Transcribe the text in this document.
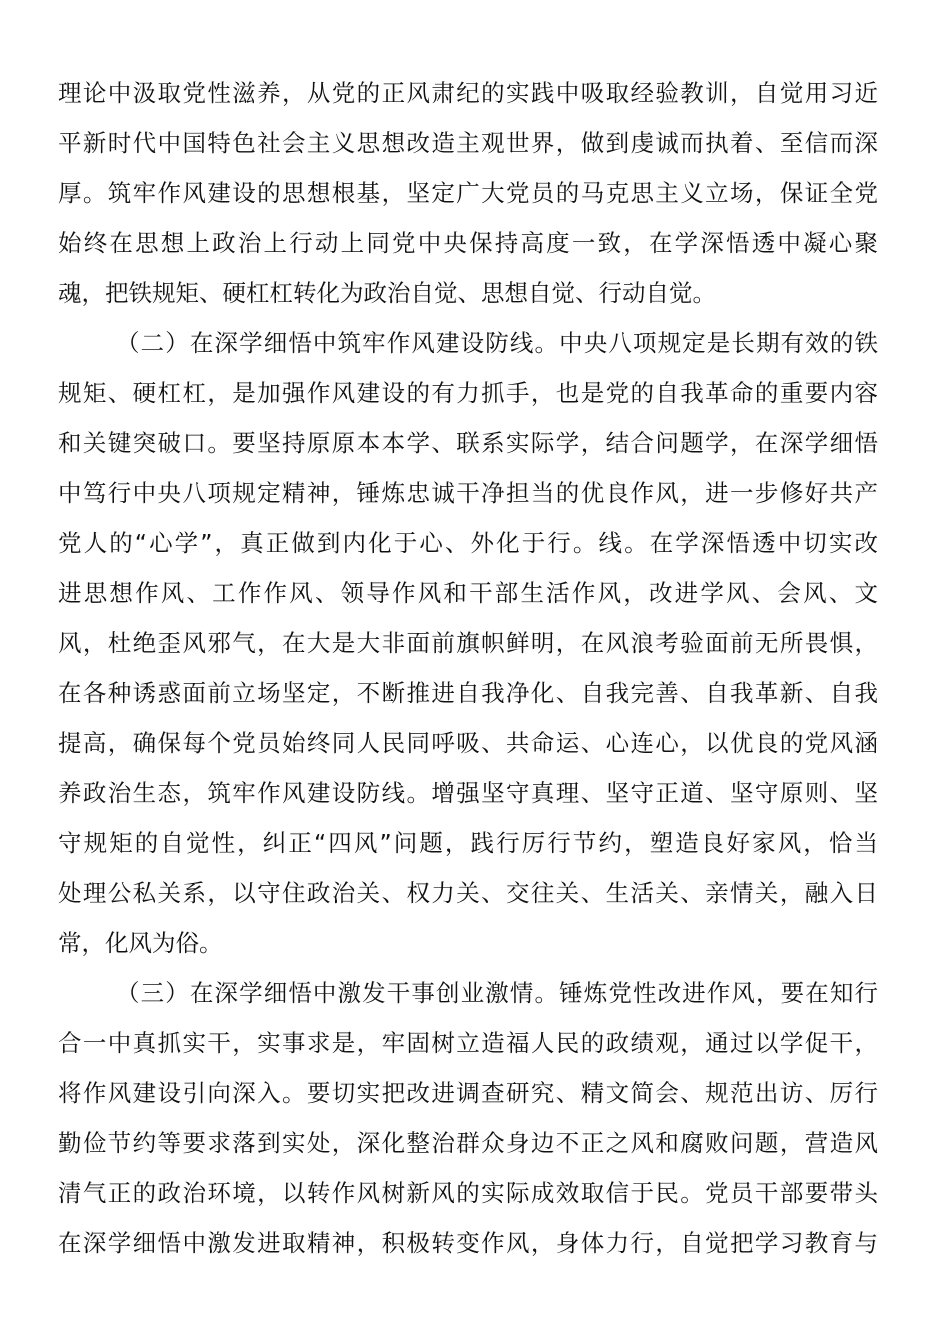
理论中汲取党性滋养，从党的正风肃纪的实践中吸取经验教训，自觉用习近
平新时代中国特色社会主义思想改造主观世界，做到虔诚而执着、至信而深
厚。筑牢作风建设的思想根基，坚定广大党员的马克思主义立场，保证全党
始终在思想上政治上行动上同党中央保持高度一致，在学深悟透中凝心聚
魂，把铁规矩、硬杠杠转化为政治自觉、思想自觉、行动自觉。
（二）在深学细悟中筑牢作风建设防线。中央八项规定是长期有效的铁
规矩、硬杠杠，是加强作风建设的有力抓手，也是党的自我革命的重要内容
和关键突破口。要坚持原原本本学、联系实际学，结合问题学，在深学细悟
中笃行中央八项规定精神，锤炼忠诚干净担当的优良作风，进一步修好共产
党人的“心学”，真正做到内化于心、外化于行。线。在学深悟透中切实改
进思想作风、工作作风、领导作风和干部生活作风，改进学风、会风、文
风，杜绝歪风邪气，在大是大非面前旗帜鲜明，在风浪考验面前无所畏惧，
在各种诱惑面前立场坚定，不断推进自我净化、自我完善、自我革新、自我
提高，确保每个党员始终同人民同呼吸、共命运、心连心，以优良的党风涵
养政治生态，筑牢作风建设防线。增强坚守真理、坚守正道、坚守原则、坚
守规矩的自觉性，纠正“四风”问题，践行厉行节约，塑造良好家风，恰当
处理公私关系，以守住政治关、权力关、交往关、生活关、亲情关，融入日
常，化风为俗。
（三）在深学细悟中激发干事创业激情。锤炼党性改进作风，要在知行
合一中真抓实干，实事求是，牢固树立造福人民的政绩观，通过以学促干，
将作风建设引向深入。要切实把改进调查研究、精文简会、规范出访、厉行
勤俭节约等要求落到实处，深化整治群众身边不正之风和腐败问题，营造风
清气正的政治环境，以转作风树新风的实际成效取信于民。党员干部要带头
在深学细悟中激发进取精神，积极转变作风，身体力行，自觉把学习教育与
